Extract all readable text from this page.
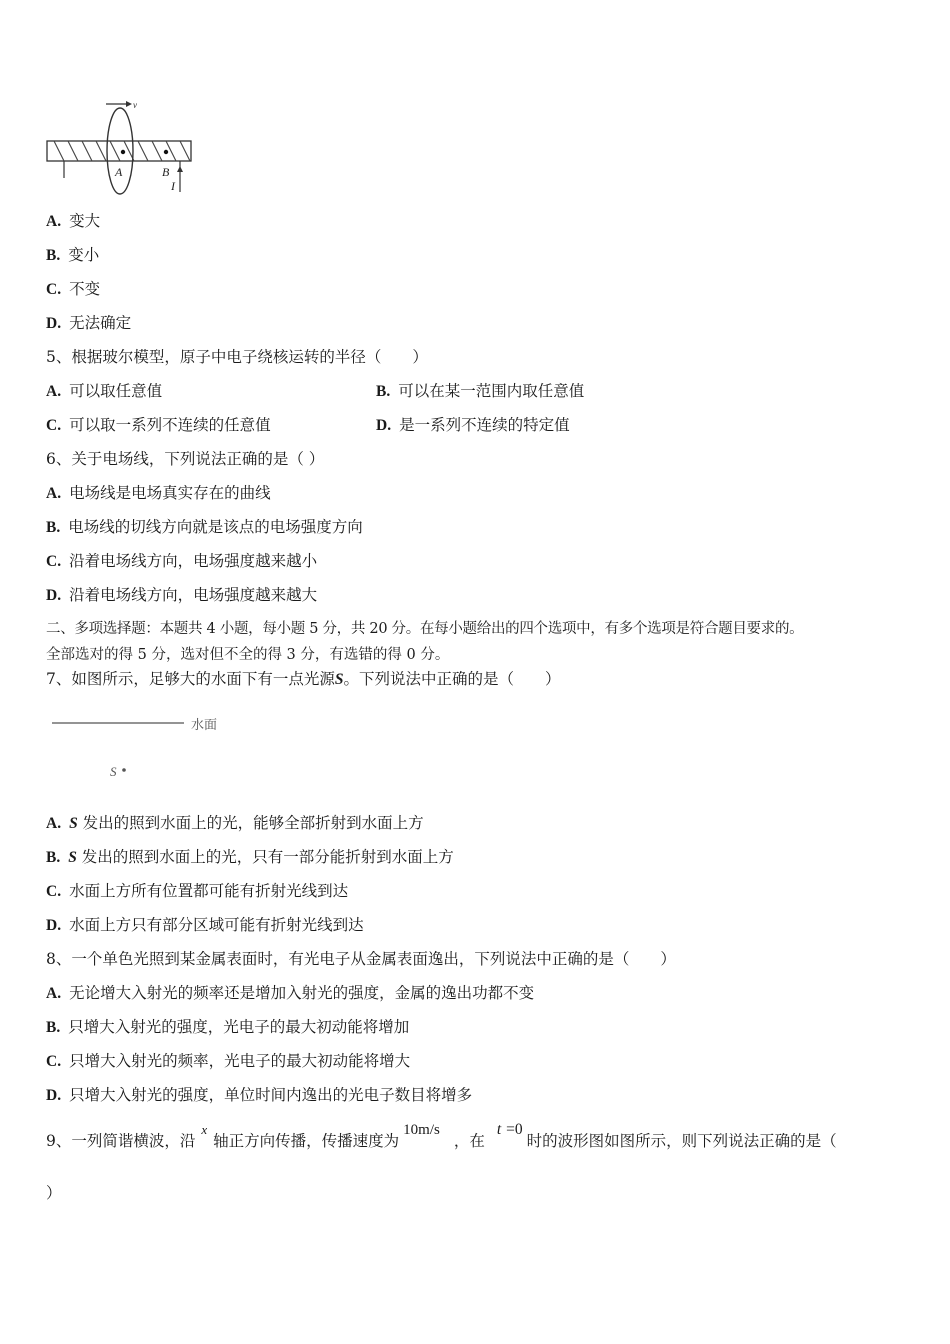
v
A	B
I
A. 变大
B. 变小
C. 不变
D. 无法确定
5、根据玻尔模型，原子中电子绕核运转的半径（　　）
A. 可以取任意值	B. 可以在某一范围内取任意值
C. 可以取一系列不连续的任意值	D. 是一系列不连续的特定值
6、关于电场线，下列说法正确的是（ ）
A. 电场线是电场真实存在的曲线
B. 电场线的切线方向就是该点的电场强度方向
C. 沿着电场线方向，电场强度越来越小
D. 沿着电场线方向，电场强度越来越大
二、多项选择题：本题共 4 小题，每小题 5 分，共 20 分。在每小题给出的四个选项中，有多个选项是符合题目要求的。
全部选对的得 5 分，选对但不全的得 3 分，有选错的得 0 分。
7、如图所示，足够大的水面下有一点光源S。下列说法中正确的是（　　）
水面
S
A. S 发出的照到水面上的光，能够全部折射到水面上方
B. S 发出的照到水面上的光，只有一部分能折射到水面上方
C. 水面上方所有位置都可能有折射光线到达
D. 水面上方只有部分区域可能有折射光线到达
8、一个单色光照到某金属表面时，有光电子从金属表面逸出，下列说法中正确的是（　　）
A. 无论增大入射光的频率还是增加入射光的强度，金属的逸出功都不变
B. 只增大入射光的强度，光电子的最大初动能将增加
C. 只增大入射光的频率，光电子的最大初动能将增大
D. 只增大入射光的强度，单位时间内逸出的光电子数目将增多
9、一列简谐横波，沿$^x$轴正方向传播，传播速度为10m/s，在t =0时的波形图如图所示，则下列说法正确的是（
）
